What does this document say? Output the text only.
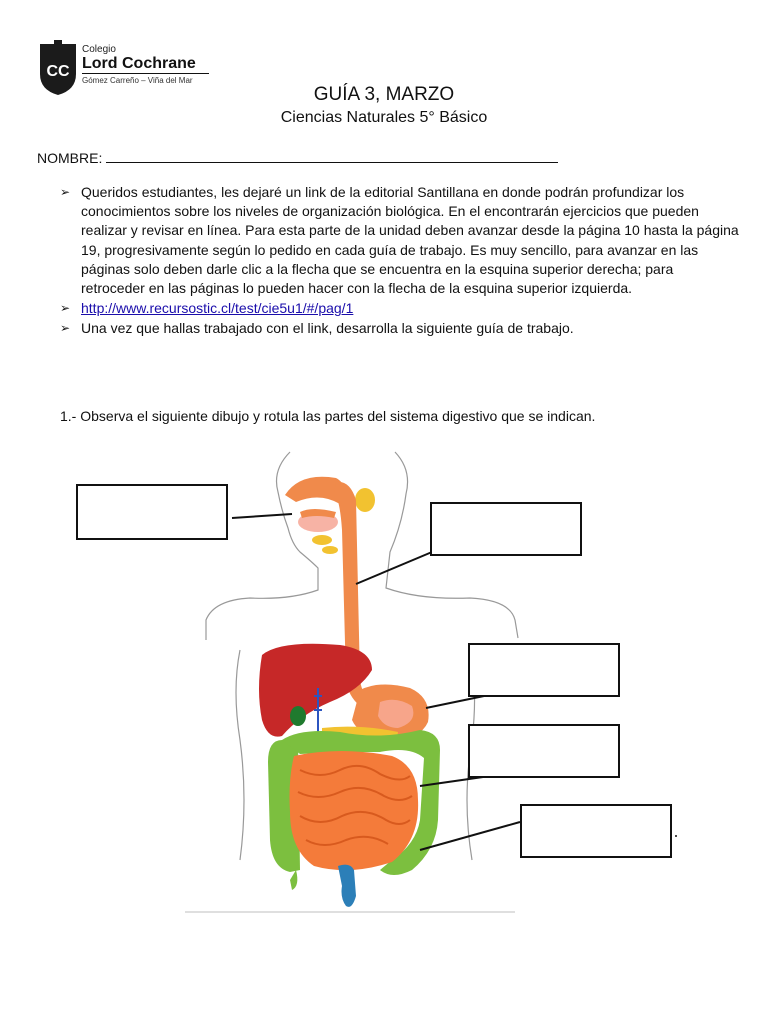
CC
Colegio
Lord Cochrane
Gómez Carreño – Viña del Mar
GUÍA 3, MARZO
Ciencias Naturales 5° Básico
NOMBRE:
➢ Queridos estudiantes, les dejaré un link de la editorial Santillana en donde podrán profundizar los conocimientos sobre los niveles de organización biológica. En el encontrarán ejercicios que pueden realizar y revisar en línea. Para esta parte de la unidad deben avanzar desde la página 10 hasta la página 19, progresivamente según lo pedido en cada guía de trabajo. Es muy sencillo, para avanzar en las páginas solo deben darle clic a la flecha que se encuentra en la esquina superior derecha; para retroceder en las páginas lo pueden hacer con la flecha de la esquina superior izquierda.
➢ http://www.recursostic.cl/test/cie5u1/#/pag/1
➢ Una vez que hallas trabajado con el link, desarrolla la siguiente guía de trabajo.
1.- Observa el siguiente dibujo y rotula las partes del sistema digestivo que se indican.
